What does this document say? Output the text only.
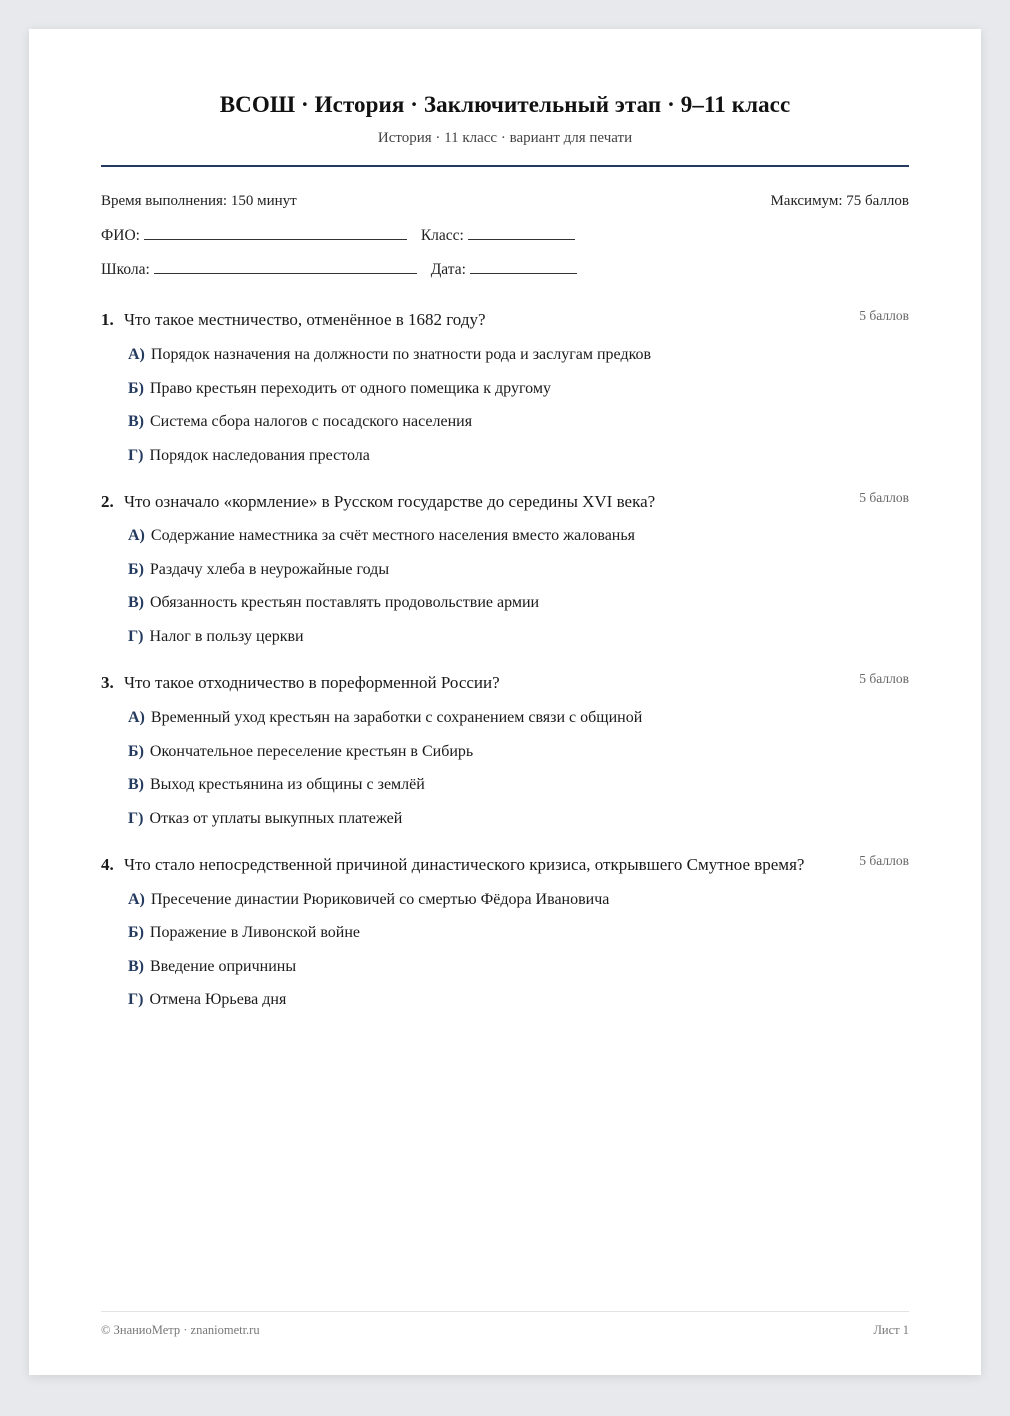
ВСОШ · История · Заключительный этап · 9–11 класс
История · 11 класс · вариант для печати
Время выполнения: 150 минут	Максимум: 75 баллов
ФИО:	Класс:
Школа:	Дата:
1. Что такое местничество, отменённое в 1682 году?	5 баллов
А) Порядок назначения на должности по знатности рода и заслугам предков
Б) Право крестьян переходить от одного помещика к другому
В) Система сбора налогов с посадского населения
Г) Порядок наследования престола
2. Что означало «кормление» в Русском государстве до середины XVI века?	5 баллов
А) Содержание наместника за счёт местного населения вместо жалованья
Б) Раздачу хлеба в неурожайные годы
В) Обязанность крестьян поставлять продовольствие армии
Г) Налог в пользу церкви
3. Что такое отходничество в пореформенной России?	5 баллов
А) Временный уход крестьян на заработки с сохранением связи с общиной
Б) Окончательное переселение крестьян в Сибирь
В) Выход крестьянина из общины с землёй
Г) Отказ от уплаты выкупных платежей
4. Что стало непосредственной причиной династического кризиса, открывшего Смутное время?	5 баллов
А) Пресечение династии Рюриковичей со смертью Фёдора Ивановича
Б) Поражение в Ливонской войне
В) Введение опричнины
Г) Отмена Юрьева дня
© ЗнаниоМетр · znaniometr.ru	Лист 1
